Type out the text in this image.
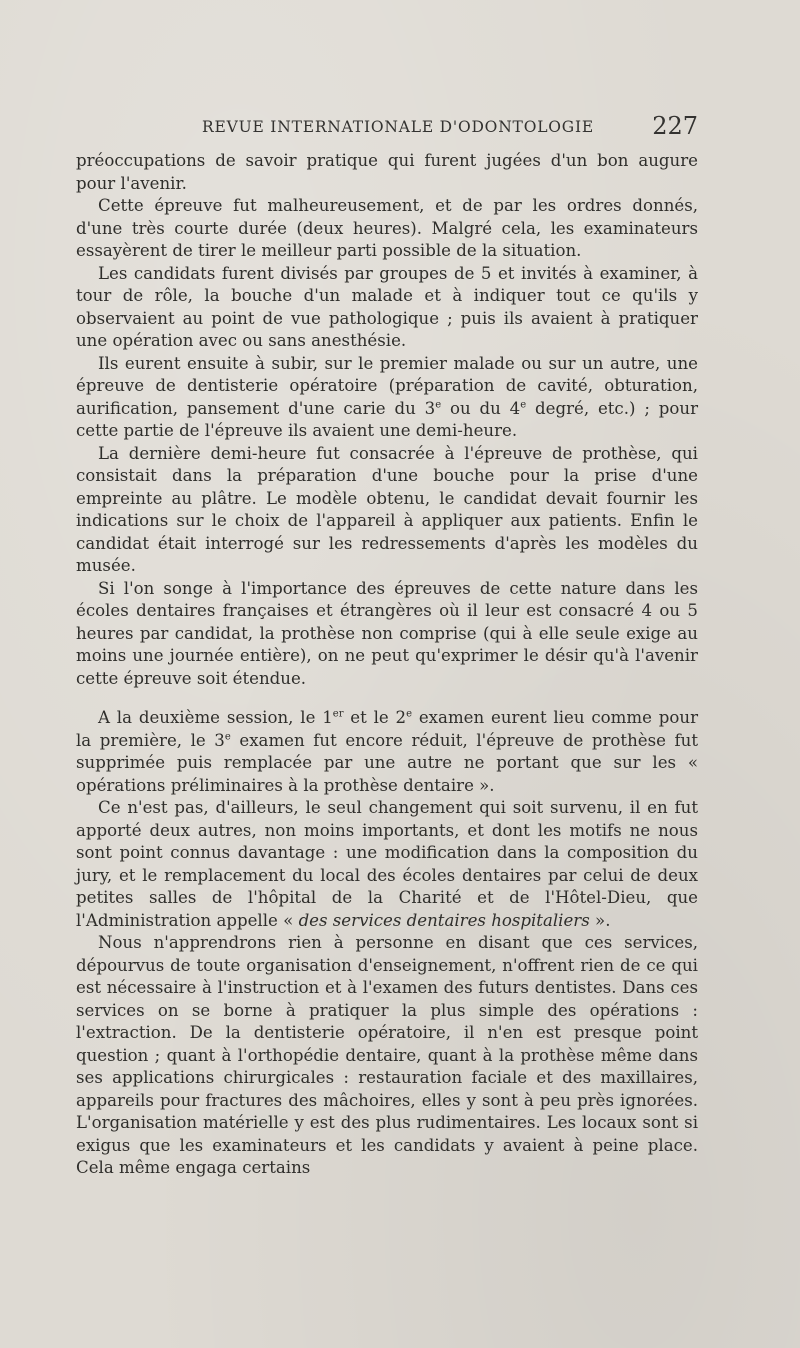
REVUE INTERNATIONALE D'ODONTOLOGIE 227

préoccupations de savoir pratique qui furent jugées d'un bon augure pour l'avenir.

Cette épreuve fut malheureusement, et de par les ordres donnés, d'une très courte durée (deux heures). Malgré cela, les examinateurs essayèrent de tirer le meilleur parti possible de la situation.

Les candidats furent divisés par groupes de 5 et invités à examiner, à tour de rôle, la bouche d'un malade et à indiquer tout ce qu'ils y observaient au point de vue pathologique ; puis ils avaient à pratiquer une opération avec ou sans anesthésie.

Ils eurent ensuite à subir, sur le premier malade ou sur un autre, une épreuve de dentisterie opératoire (préparation de cavité, obturation, aurification, pansement d'une carie du 3e ou du 4e degré, etc.) ; pour cette partie de l'épreuve ils avaient une demi-heure.

La dernière demi-heure fut consacrée à l'épreuve de prothèse, qui consistait dans la préparation d'une bouche pour la prise d'une empreinte au plâtre. Le modèle obtenu, le candidat devait fournir les indications sur le choix de l'appareil à appliquer aux patients. Enfin le candidat était interrogé sur les redressements d'après les modèles du musée.

Si l'on songe à l'importance des épreuves de cette nature dans les écoles dentaires françaises et étrangères où il leur est consacré 4 ou 5 heures par candidat, la prothèse non comprise (qui à elle seule exige au moins une journée entière), on ne peut qu'exprimer le désir qu'à l'avenir cette épreuve soit étendue.

A la deuxième session, le 1er et le 2e examen eurent lieu comme pour la première, le 3e examen fut encore réduit, l'épreuve de prothèse fut supprimée puis remplacée par une autre ne portant que sur les « opérations préliminaires à la prothèse dentaire ».

Ce n'est pas, d'ailleurs, le seul changement qui soit survenu, il en fut apporté deux autres, non moins importants, et dont les motifs ne nous sont point connus davantage : une modification dans la composition du jury, et le remplacement du local des écoles dentaires par celui de deux petites salles de l'hôpital de la Charité et de l'Hôtel-Dieu, que l'Administration appelle « des services dentaires hospitaliers ».

Nous n'apprendrons rien à personne en disant que ces services, dépourvus de toute organisation d'enseignement, n'offrent rien de ce qui est nécessaire à l'instruction et à l'examen des futurs dentistes. Dans ces services on se borne à pratiquer la plus simple des opérations : l'extraction. De la dentisterie opératoire, il n'en est presque point question ; quant à l'orthopédie dentaire, quant à la prothèse même dans ses applications chirurgicales : restauration faciale et des maxillaires, appareils pour fractures des mâchoires, elles y sont à peu près ignorées. L'organisation matérielle y est des plus rudimentaires. Les locaux sont si exigus que les examinateurs et les candidats y avaient à peine place. Cela même engaga certains
